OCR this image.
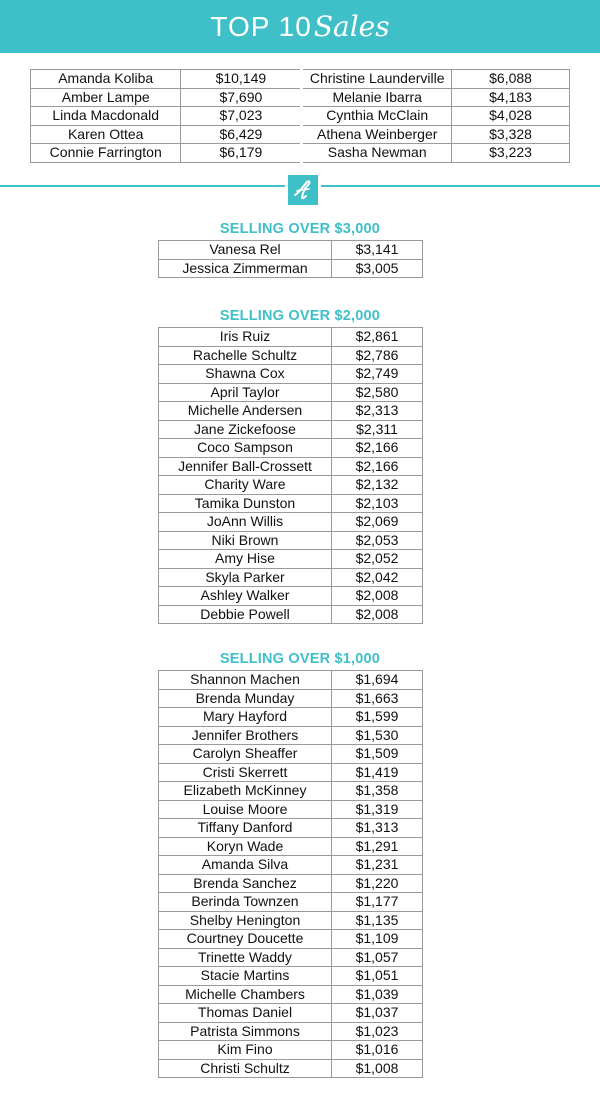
TOP 10 Sales
Amanda Koliba	$10,149	Christine Launderville	$6,088
Amber Lampe	$7,690	Melanie Ibarra	$4,183
Linda Macdonald	$7,023	Cynthia McClain	$4,028
Karen Ottea	$6,429	Athena Weinberger	$3,328
Connie Farrington	$6,179	Sasha Newman	$3,223
SELLING OVER $3,000
Vanesa Rel	$3,141
Jessica Zimmerman	$3,005
SELLING OVER $2,000
Iris Ruiz	$2,861
Rachelle Schultz	$2,786
Shawna Cox	$2,749
April Taylor	$2,580
Michelle Andersen	$2,313
Jane Zickefoose	$2,311
Coco Sampson	$2,166
Jennifer Ball-Crossett	$2,166
Charity Ware	$2,132
Tamika Dunston	$2,103
JoAnn Willis	$2,069
Niki Brown	$2,053
Amy Hise	$2,052
Skyla Parker	$2,042
Ashley Walker	$2,008
Debbie Powell	$2,008
SELLING OVER $1,000
Shannon Machen	$1,694
Brenda Munday	$1,663
Mary Hayford	$1,599
Jennifer Brothers	$1,530
Carolyn Sheaffer	$1,509
Cristi Skerrett	$1,419
Elizabeth McKinney	$1,358
Louise Moore	$1,319
Tiffany Danford	$1,313
Koryn Wade	$1,291
Amanda Silva	$1,231
Brenda Sanchez	$1,220
Berinda Townzen	$1,177
Shelby Henington	$1,135
Courtney Doucette	$1,109
Trinette Waddy	$1,057
Stacie Martins	$1,051
Michelle Chambers	$1,039
Thomas Daniel	$1,037
Patrista Simmons	$1,023
Kim Fino	$1,016
Christi Schultz	$1,008
